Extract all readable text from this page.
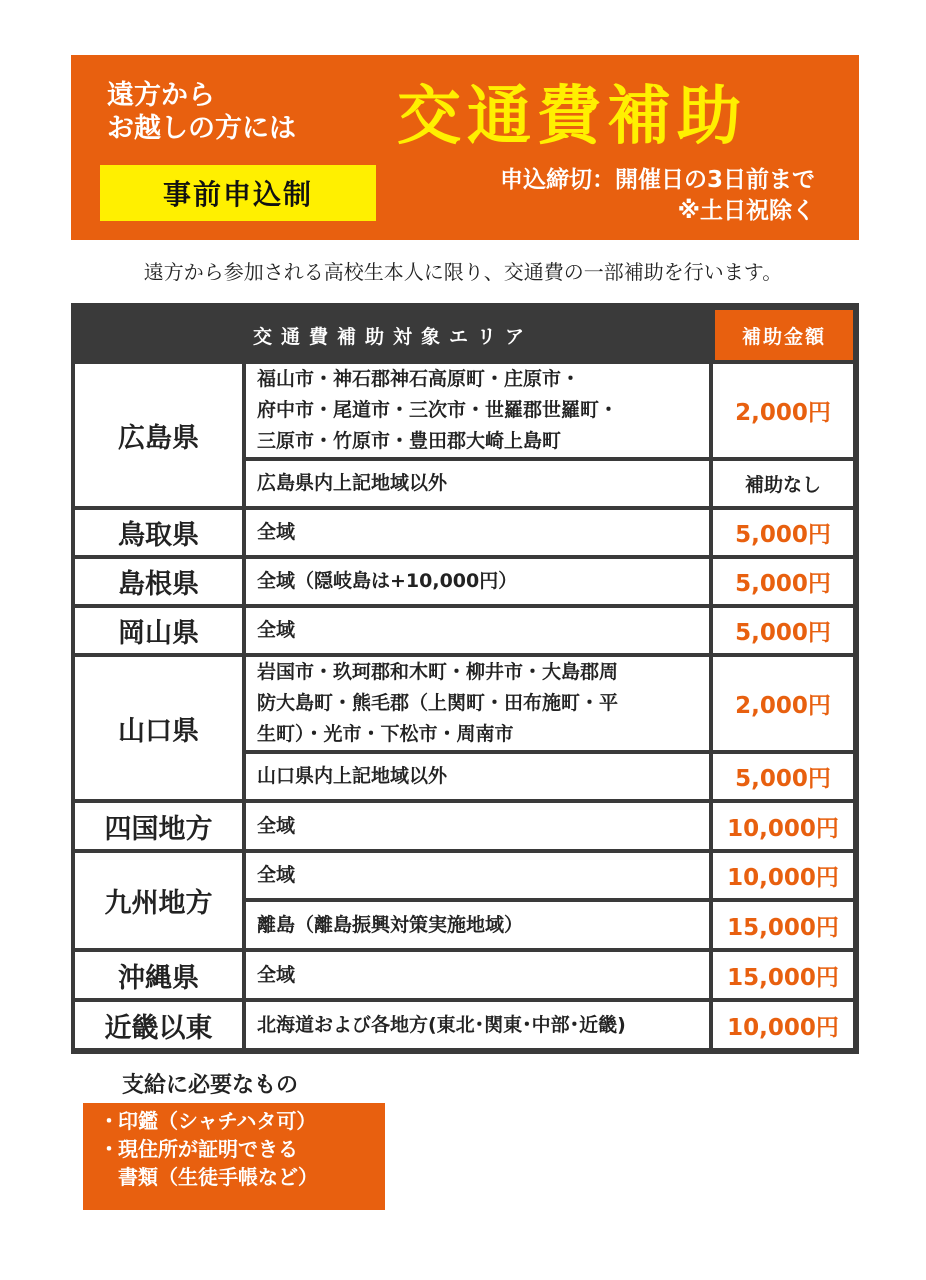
遠方から
お越しの方には
事前申込制
交通費補助
申込締切：開催日の3日前まで
※土日祝除く
遠方から参加される高校生本人に限り、交通費の一部補助を行います。
交通費補助対象エリア	補助金額
広島県
鳥取県
島根県
岡山県
山口県
四国地方
九州地方
沖縄県
近畿以東
福山市・神石郡神石高原町・庄原市・
府中市・尾道市・三次市・世羅郡世羅町・
三原市・竹原市・豊田郡大崎上島町
広島県内上記地域以外
全域
全域（隠岐島は+10,000円）
全域
岩国市・玖珂郡和木町・柳井市・大島郡周
防大島町・熊毛郡（上関町・田布施町・平
生町）・光市・下松市・周南市
山口県内上記地域以外
全域
全域
離島（離島振興対策実施地域）
全域
北海道および各地方(東北･関東･中部･近畿)
2,000円
補助なし
5,000円
5,000円
5,000円
2,000円
5,000円
10,000円
10,000円
15,000円
15,000円
10,000円
支給に必要なもの
・ 印鑑（シャチハタ可）
・ 現住所が証明できる
書類（生徒手帳など）
